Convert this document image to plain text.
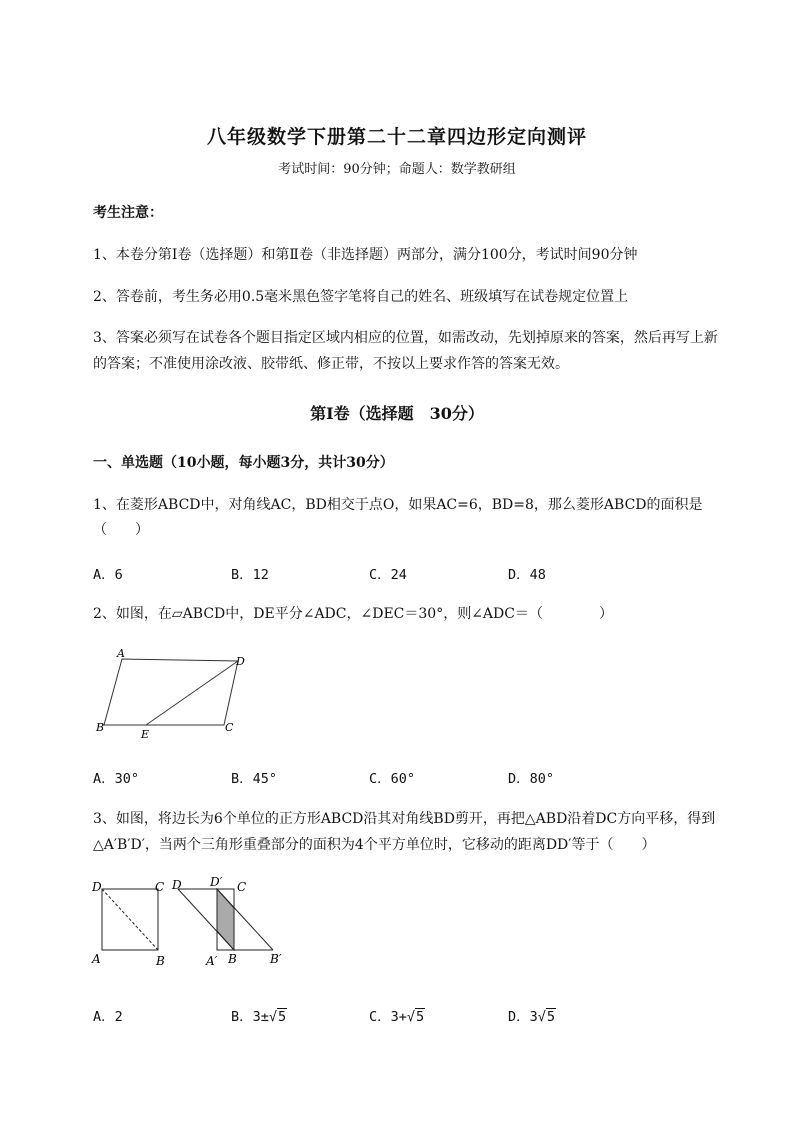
八年级数学下册第二十二章四边形定向测评
考试时间：90分钟；命题人：数学教研组
考生注意：
1、本卷分第I卷（选择题）和第Ⅱ卷（非选择题）两部分，满分100分，考试时间90分钟
2、答卷前，考生务必用0.5毫米黑色签字笔将自己的姓名、班级填写在试卷规定位置上
3、答案必须写在试卷各个题目指定区域内相应的位置，如需改动，先划掉原来的答案，然后再写上新
的答案；不准使用涂改液、胶带纸、修正带，不按以上要求作答的答案无效。
第I卷（选择题　30分）
一、单选题（10小题，每小题3分，共计30分）
1、在菱形ABCD中，对角线AC，BD相交于点O，如果AC=6，BD=8，那么菱形ABCD的面积是
（　　）
A．6	B．12	C．24	D．48
2、如图，在▱ABCD中，DE平分∠ADC，∠DEC＝30°，则∠ADC＝（　　　　）
A
D
B
E
C
A．30°	B．45°	C．60°	D．80°
3、如图，将边长为6个单位的正方形ABCD沿其对角线BD剪开，再把△ABD沿着DC方向平移，得到
△A′B′D′，当两个三角形重叠部分的面积为4个平方单位时，它移动的距离DD′等于（　　）
D	C
A	B
D D′ C
A′ B	B′
A．2	B．3±√5	C．3+√5	D．3√5
